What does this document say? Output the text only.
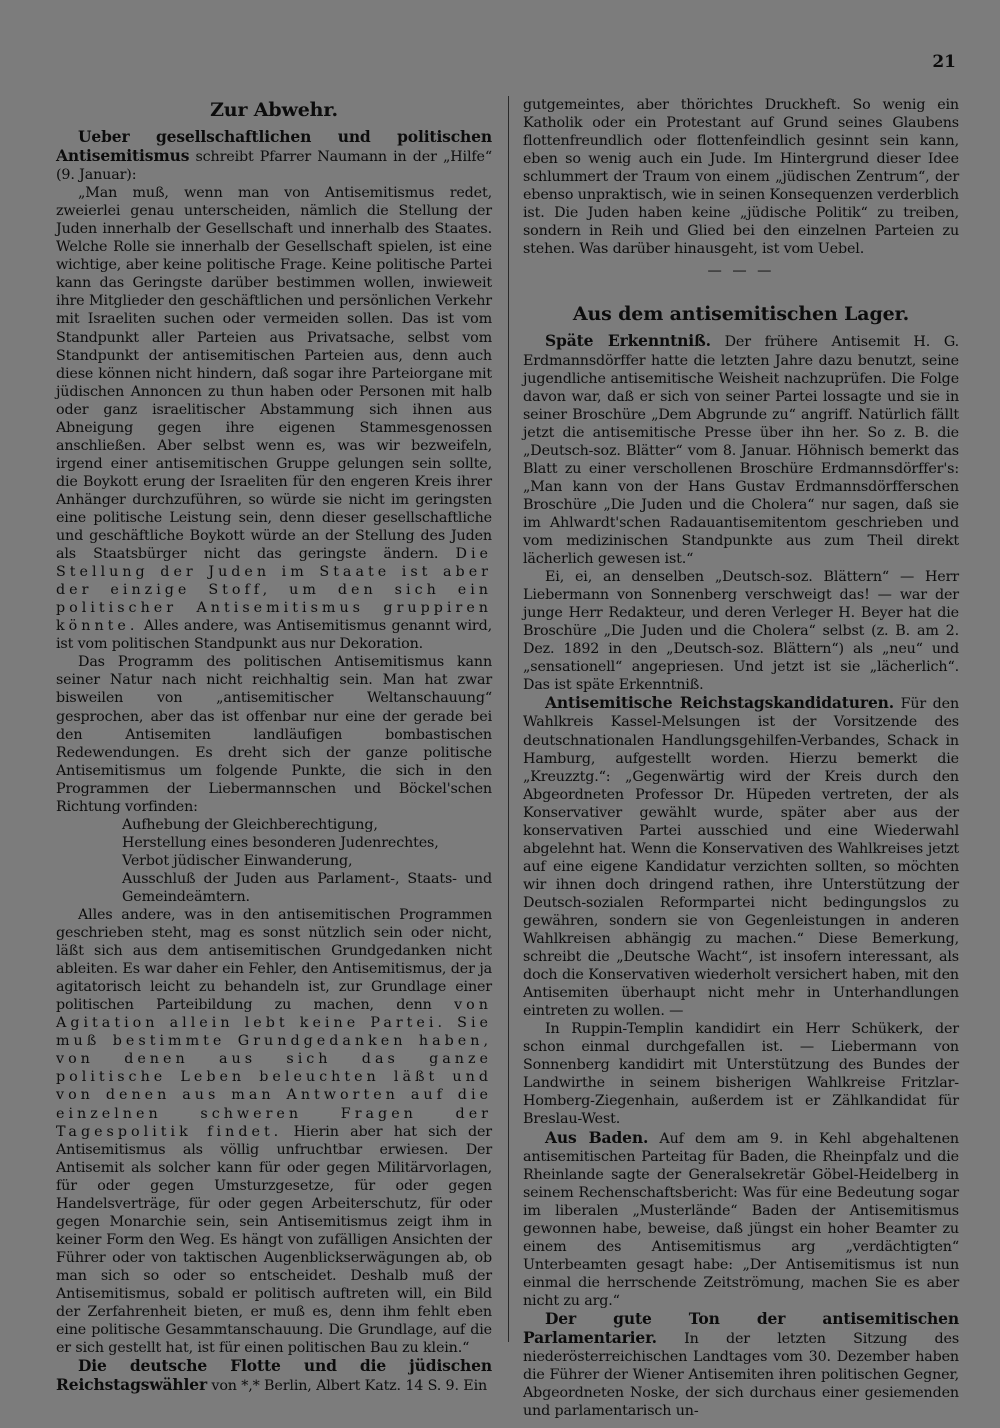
21
Zur Abwehr.

Ueber gesellschaftlichen und politischen Antisemitismus schreibt Pfarrer Naumann in der „Hilfe“ (9. Januar):

„Man muß, wenn man von Antisemitismus redet, zweierlei genau unterscheiden, nämlich die Stellung der Juden innerhalb der Gesellschaft und innerhalb des Staates. Welche Rolle sie innerhalb der Gesellschaft spielen, ist eine wichtige, aber keine politische Frage. Keine politische Partei kann das Geringste darüber bestimmen wollen, inwieweit ihre Mitglieder den geschäftlichen und persönlichen Verkehr mit Israeliten suchen oder vermeiden sollen. Das ist vom Standpunkt aller Parteien aus Privatsache, selbst vom Standpunkt der antisemitischen Parteien aus, denn auch diese können nicht hindern, daß sogar ihre Parteiorgane mit jüdischen Annoncen zu thun haben oder Personen mit halb oder ganz israelitischer Abstammung sich ihnen aus Abneigung gegen ihre eigenen Stammesgenossen anschließen. Aber selbst wenn es, was wir bezweifeln, irgend einer antisemitischen Gruppe gelungen sein sollte, die Boykott erung der Israeliten für den engeren Kreis ihrer Anhänger durchzuführen, so würde sie nicht im geringsten eine politische Leistung sein, denn dieser gesellschaftliche und geschäftliche Boykott würde an der Stellung des Juden als Staatsbürger nicht das geringste ändern. Die Stellung der Juden im Staate ist aber der einzige Stoff, um den sich ein politischer Antisemitismus gruppiren könnte. Alles andere, was Antisemitismus genannt wird, ist vom politischen Standpunkt aus nur Dekoration.

Das Programm des politischen Antisemitismus kann seiner Natur nach nicht reichhaltig sein. Man hat zwar bisweilen von „antisemitischer Weltanschauung“ gesprochen, aber das ist offenbar nur eine der gerade bei den Antisemiten landläufigen bombastischen Redewendungen. Es dreht sich der ganze politische Antisemitismus um folgende Punkte, die sich in den Programmen der Liebermannschen und Böckel'schen Richtung vorfinden:

Aufhebung der Gleichberechtigung,
Herstellung eines besonderen Judenrechtes,
Verbot jüdischer Einwanderung,
Ausschluß der Juden aus Parlament-, Staats- und Gemeindeämtern.

Alles andere, was in den antisemitischen Programmen geschrieben steht, mag es sonst nützlich sein oder nicht, läßt sich aus dem antisemitischen Grundgedanken nicht ableiten. Es war daher ein Fehler, den Antisemitismus, der ja agitatorisch leicht zu behandeln ist, zur Grundlage einer politischen Parteibildung zu machen, denn von Agitation allein lebt keine Partei. Sie muß bestimmte Grundgedanken haben, von denen aus sich das ganze politische Leben beleuchten läßt und von denen aus man Antworten auf die einzelnen schweren Fragen der Tagespolitik findet. Hierin aber hat sich der Antisemitismus als völlig unfruchtbar erwiesen. Der Antisemit als solcher kann für oder gegen Militärvorlagen, für oder gegen Umsturzgesetze, für oder gegen Handelsverträge, für oder gegen Arbeiterschutz, für oder gegen Monarchie sein, sein Antisemitismus zeigt ihm in keiner Form den Weg. Es hängt von zufälligen Ansichten der Führer oder von taktischen Augenblickserwägungen ab, ob man sich so oder so entscheidet. Deshalb muß der Antisemitismus, sobald er politisch auftreten will, ein Bild der Zerfahrenheit bieten, er muß es, denn ihm fehlt eben eine politische Gesammtanschauung. Die Grundlage, auf die er sich gestellt hat, ist für einen politischen Bau zu klein.“

Die deutsche Flotte und die jüdischen Reichstagswähler von *,* Berlin, Albert Katz. 14 S. 9. Ein

gutgemeintes, aber thörichtes Druckheft. So wenig ein Katholik oder ein Protestant auf Grund seines Glaubens flottenfreundlich oder flottenfeindlich gesinnt sein kann, eben so wenig auch ein Jude. Im Hintergrund dieser Idee schlummert der Traum von einem „jüdischen Zentrum“, der ebenso unpraktisch, wie in seinen Konsequenzen verderblich ist. Die Juden haben keine „jüdische Politik“ zu treiben, sondern in Reih und Glied bei den einzelnen Parteien zu stehen. Was darüber hinausgeht, ist vom Uebel.

— — —
Aus dem antisemitischen Lager.

Späte Erkenntniß. Der frühere Antisemit H. G. Erdmannsdörffer hatte die letzten Jahre dazu benutzt, seine jugendliche antisemitische Weisheit nachzuprüfen. Die Folge davon war, daß er sich von seiner Partei lossagte und sie in seiner Broschüre „Dem Abgrunde zu“ angriff. Natürlich fällt jetzt die antisemitische Presse über ihn her. So z. B. die „Deutsch-soz. Blätter“ vom 8. Januar. Höhnisch bemerkt das Blatt zu einer verschollenen Broschüre Erdmannsdörffer's: „Man kann von der Hans Gustav Erdmannsdörfferschen Broschüre „Die Juden und die Cholera“ nur sagen, daß sie im Ahlwardt'schen Radauantisemitentom geschrieben und vom medizinischen Standpunkte aus zum Theil direkt lächerlich gewesen ist.“

Ei, ei, an denselben „Deutsch-soz. Blättern“ — Herr Liebermann von Sonnenberg verschweigt das! — war der junge Herr Redakteur, und deren Verleger H. Beyer hat die Broschüre „Die Juden und die Cholera“ selbst (z. B. am 2. Dez. 1892 in den „Deutsch-soz. Blättern“) als „neu“ und „sensationell“ angepriesen. Und jetzt ist sie „lächerlich“. Das ist späte Erkenntniß.

Antisemitische Reichstagskandidaturen. Für den Wahlkreis Kassel-Melsungen ist der Vorsitzende des deutschnationalen Handlungsgehilfen-Verbandes, Schack in Hamburg, aufgestellt worden. Hierzu bemerkt die „Kreuzztg.“: „Gegenwärtig wird der Kreis durch den Abgeordneten Professor Dr. Hüpeden vertreten, der als Konservativer gewählt wurde, später aber aus der konservativen Partei ausschied und eine Wiederwahl abgelehnt hat. Wenn die Konservativen des Wahlkreises jetzt auf eine eigene Kandidatur verzichten sollten, so möchten wir ihnen doch dringend rathen, ihre Unterstützung der Deutsch-sozialen Reformpartei nicht bedingungslos zu gewähren, sondern sie von Gegenleistungen in anderen Wahlkreisen abhängig zu machen.“ Diese Bemerkung, schreibt die „Deutsche Wacht“, ist insofern interessant, als doch die Konservativen wiederholt versichert haben, mit den Antisemiten überhaupt nicht mehr in Unterhandlungen eintreten zu wollen. —

In Ruppin-Templin kandidirt ein Herr Schükerk, der schon einmal durchgefallen ist. — Liebermann von Sonnenberg kandidirt mit Unterstützung des Bundes der Landwirthe in seinem bisherigen Wahlkreise Fritzlar-Homberg-Ziegenhain, außerdem ist er Zählkandidat für Breslau-West.

Aus Baden. Auf dem am 9. in Kehl abgehaltenen antisemitischen Parteitag für Baden, die Rheinpfalz und die Rheinlande sagte der Generalsekretär Göbel-Heidelberg in seinem Rechenschaftsbericht: Was für eine Bedeutung sogar im liberalen „Musterlände“ Baden der Antisemitismus gewonnen habe, beweise, daß jüngst ein hoher Beamter zu einem des Antisemitismus arg „verdächtigten“ Unterbeamten gesagt habe: „Der Antisemitismus ist nun einmal die herrschende Zeitströmung, machen Sie es aber nicht zu arg.“

Der gute Ton der antisemitischen Parlamentarier. In der letzten Sitzung des niederösterreichischen Landtages vom 30. Dezember haben die Führer der Wiener Antisemiten ihren politischen Gegner, Abgeordneten Noske, der sich durchaus einer gesiemenden und parlamentarisch un-
